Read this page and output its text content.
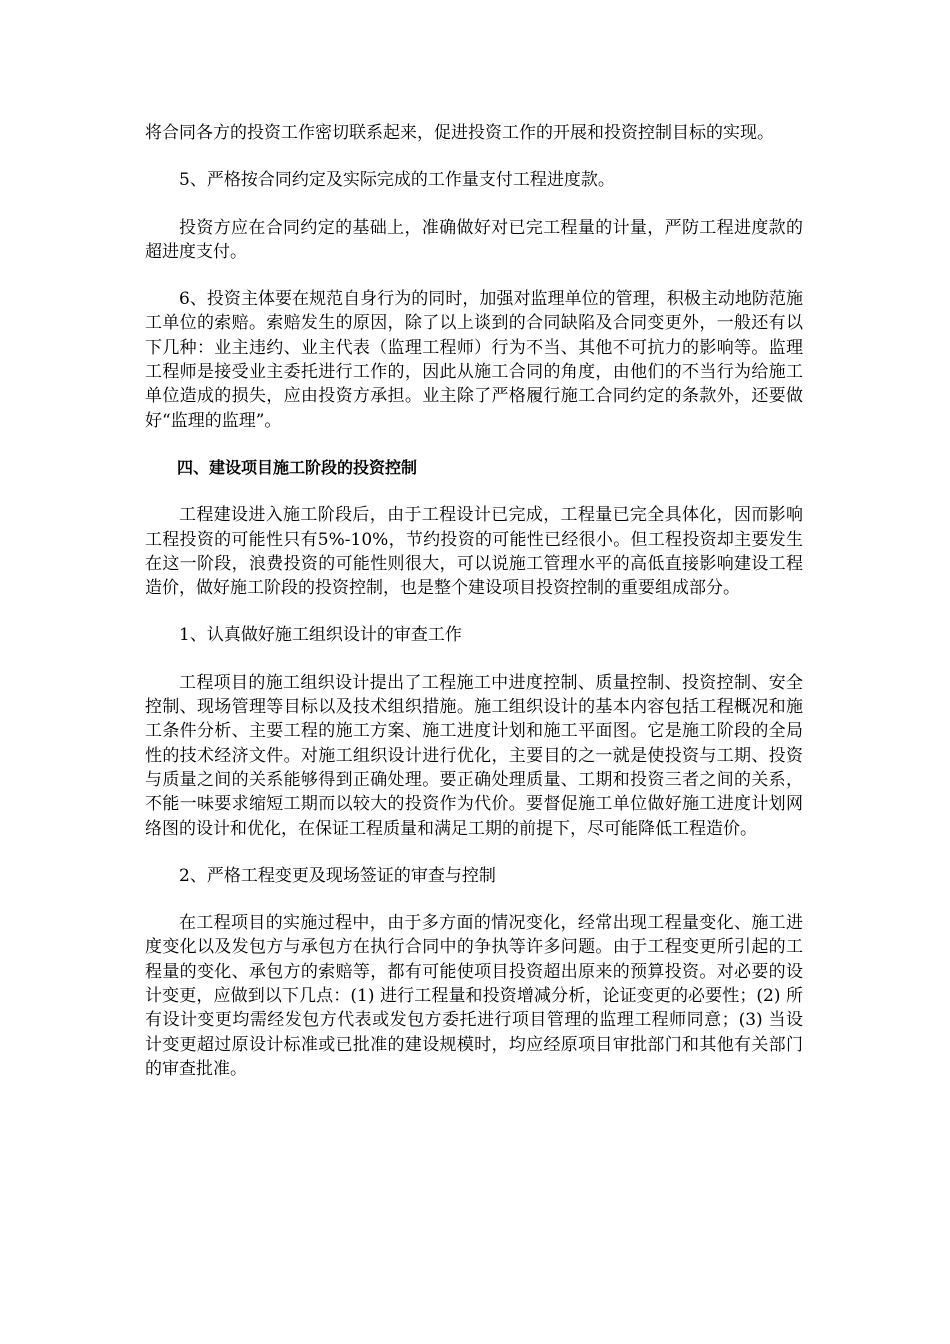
将合同各方的投资工作密切联系起来，促进投资工作的开展和投资控制目标的实现。

5、严格按合同约定及实际完成的工作量支付工程进度款。

投资方应在合同约定的基础上，准确做好对已完工程量的计量，严防工程进度款的超进度支付。

6、投资主体要在规范自身行为的同时，加强对监理单位的管理，积极主动地防范施工单位的索赔。索赔发生的原因，除了以上谈到的合同缺陷及合同变更外，一般还有以下几种：业主违约、业主代表（监理工程师）行为不当、其他不可抗力的影响等。监理工程师是接受业主委托进行工作的，因此从施工合同的角度，由他们的不当行为给施工单位造成的损失，应由投资方承担。业主除了严格履行施工合同约定的条款外，还要做好“监理的监理”。

四、建设项目施工阶段的投资控制

工程建设进入施工阶段后，由于工程设计已完成，工程量已完全具体化，因而影响工程投资的可能性只有5%-10%，节约投资的可能性已经很小。但工程投资却主要发生在这一阶段，浪费投资的可能性则很大，可以说施工管理水平的高低直接影响建设工程造价，做好施工阶段的投资控制，也是整个建设项目投资控制的重要组成部分。

1、认真做好施工组织设计的审查工作

工程项目的施工组织设计提出了工程施工中进度控制、质量控制、投资控制、安全控制、现场管理等目标以及技术组织措施。施工组织设计的基本内容包括工程概况和施工条件分析、主要工程的施工方案、施工进度计划和施工平面图。它是施工阶段的全局性的技术经济文件。对施工组织设计进行优化，主要目的之一就是使投资与工期、投资与质量之间的关系能够得到正确处理。要正确处理质量、工期和投资三者之间的关系，不能一味要求缩短工期而以较大的投资作为代价。要督促施工单位做好施工进度计划网络图的设计和优化，在保证工程质量和满足工期的前提下，尽可能降低工程造价。

2、严格工程变更及现场签证的审查与控制

在工程项目的实施过程中，由于多方面的情况变化，经常出现工程量变化、施工进度变化以及发包方与承包方在执行合同中的争执等许多问题。由于工程变更所引起的工程量的变化、承包方的索赔等，都有可能使项目投资超出原来的预算投资。对必要的设计变更，应做到以下几点：(1) 进行工程量和投资增减分析，论证变更的必要性；(2) 所有设计变更均需经发包方代表或发包方委托进行项目管理的监理工程师同意；(3) 当设计变更超过原设计标准或已批准的建设规模时，均应经原项目审批部门和其他有关部门的审查批准。
